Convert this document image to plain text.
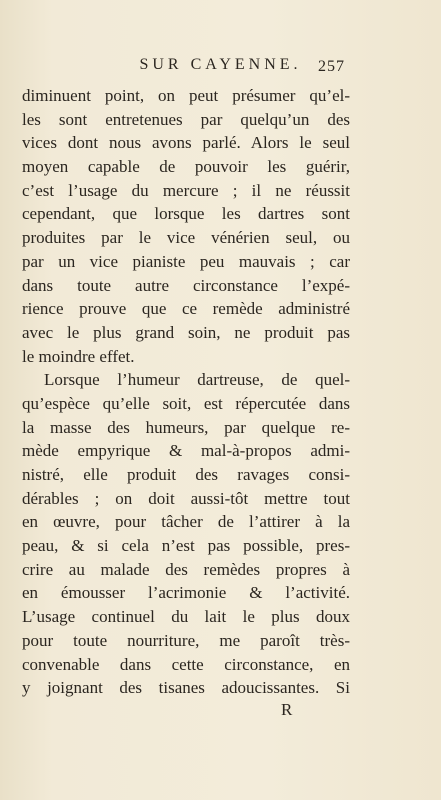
SUR CAYENNE.	257
diminuent point, on peut présumer qu’el-
les sont entretenues par quelqu’un des
vices dont nous avons parlé. Alors le seul
moyen capable de pouvoir les guérir,
c’est l’usage du mercure ; il ne réussit
cependant, que lorsque les dartres sont
produites par le vice vénérien seul, ou
par un vice pianiste peu mauvais ; car
dans toute autre circonstance l’expé-
rience prouve que ce remède administré
avec le plus grand soin, ne produit pas
le moindre effet.
Lorsque l’humeur dartreuse, de quel-
qu’espèce qu’elle soit, est répercutée dans
la masse des humeurs, par quelque re-
mède empyrique & mal-à-propos admi-
nistré, elle produit des ravages consi-
dérables ; on doit aussi-tôt mettre tout
en œuvre, pour tâcher de l’attirer à la
peau, & si cela n’est pas possible, pres-
crire au malade des remèdes propres à
en émousser l’acrimonie & l’activité.
L’usage continuel du lait le plus doux
pour toute nourriture, me paroît très-
convenable dans cette circonstance, en
y joignant des tisanes adoucissantes. Si
R
